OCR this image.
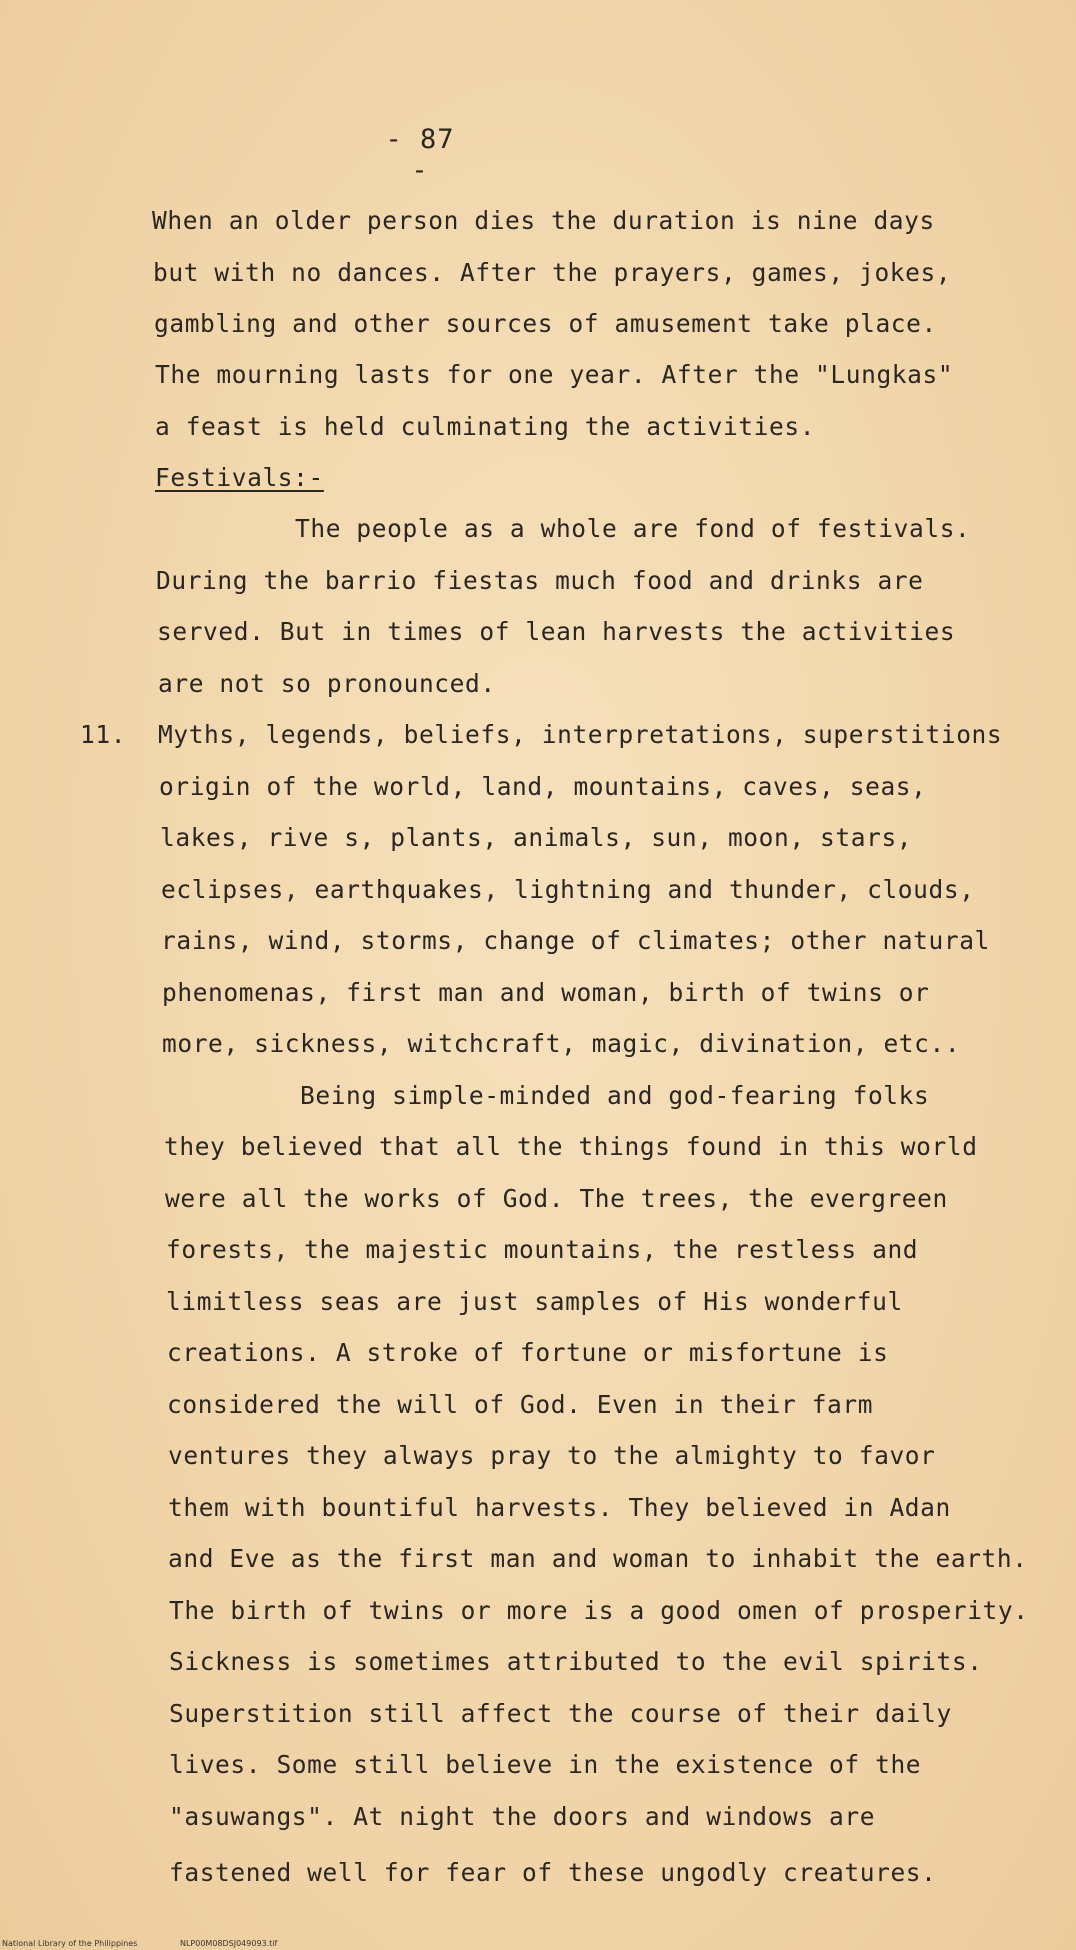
- 87 -
When an older person dies the duration is nine days
but with no dances. After the prayers, games, jokes,
gambling and other sources of amusement take place.
The mourning lasts for one year. After the "Lungkas"
a feast is held culminating the activities.
Festivals:-
The people as a whole are fond of festivals.
During the barrio fiestas much food and drinks are
served. But in times of lean harvests the activities
are not so pronounced.
11. Myths, legends, beliefs, interpretations, superstitions
origin of the world, land, mountains, caves, seas,
lakes, rive s, plants, animals, sun, moon, stars,
eclipses, earthquakes, lightning and thunder, clouds,
rains, wind, storms, change of climates; other natural
phenomenas, first man and woman, birth of twins or
more, sickness, witchcraft, magic, divination, etc..
Being simple-minded and god-fearing folks
they believed that all the things found in this world
were all the works of God. The trees, the evergreen
forests, the majestic mountains, the restless and
limitless seas are just samples of His wonderful
creations. A stroke of fortune or misfortune is
considered the will of God. Even in their farm
ventures they always pray to the almighty to favor
them with bountiful harvests. They believed in Adan
and Eve as the first man and woman to inhabit the earth.
The birth of twins or more is a good omen of prosperity.
Sickness is sometimes attributed to the evil spirits.
Superstition still affect the course of their daily
lives. Some still believe in the existence of the
"asuwangs". At night the doors and windows are
fastened well for fear of these ungodly creatures.
National Library of the Philippines	NLP00M08DSJ049093.tif
